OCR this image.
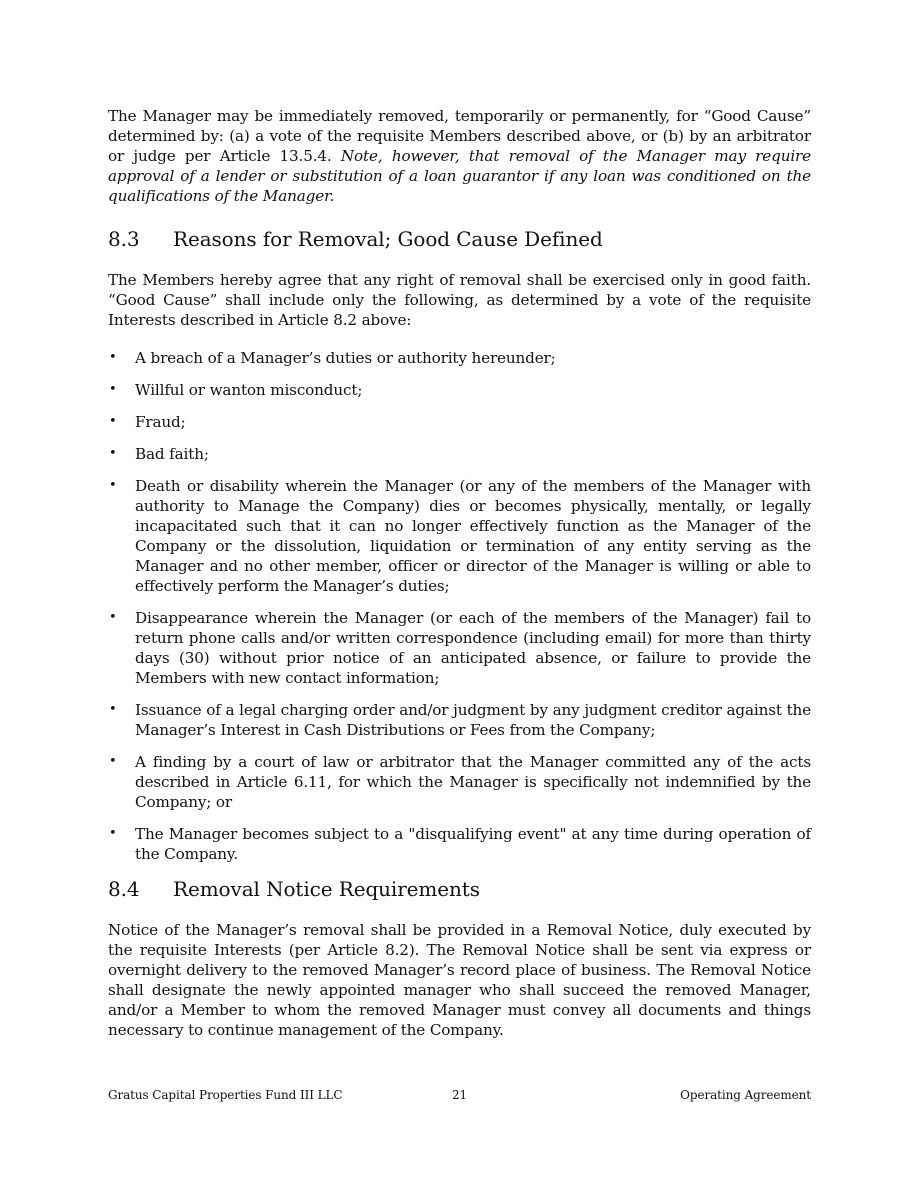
The Manager may be immediately removed, temporarily or permanently, for “Good Cause” determined by: (a) a vote of the requisite Members described above, or (b) by an arbitrator or judge per Article 13.5.4. Note, however, that removal of the Manager may require approval of a lender or substitution of a loan guarantor if any loan was conditioned on the qualifications of the Manager.

8.3	Reasons for Removal; Good Cause Defined

The Members hereby agree that any right of removal shall be exercised only in good faith. “Good Cause” shall include only the following, as determined by a vote of the requisite Interests described in Article 8.2 above:

• A breach of a Manager’s duties or authority hereunder;
• Willful or wanton misconduct;
• Fraud;
• Bad faith;
• Death or disability wherein the Manager (or any of the members of the Manager with authority to Manage the Company) dies or becomes physically, mentally, or legally incapacitated such that it can no longer effectively function as the Manager of the Company or the dissolution, liquidation or termination of any entity serving as the Manager and no other member, officer or director of the Manager is willing or able to effectively perform the Manager’s duties;
• Disappearance wherein the Manager (or each of the members of the Manager) fail to return phone calls and/or written correspondence (including email) for more than thirty days (30) without prior notice of an anticipated absence, or failure to provide the Members with new contact information;
• Issuance of a legal charging order and/or judgment by any judgment creditor against the Manager’s Interest in Cash Distributions or Fees from the Company;
• A finding by a court of law or arbitrator that the Manager committed any of the acts described in Article 6.11, for which the Manager is specifically not indemnified by the Company; or
• The Manager becomes subject to a "disqualifying event" at any time during operation of the Company.
8.4	Removal Notice Requirements

Notice of the Manager’s removal shall be provided in a Removal Notice, duly executed by the requisite Interests (per Article 8.2). The Removal Notice shall be sent via express or overnight delivery to the removed Manager’s record place of business. The Removal Notice shall designate the newly appointed manager who shall succeed the removed Manager, and/or a Member to whom the removed Manager must convey all documents and things necessary to continue management of the Company.

Gratus Capital Properties Fund III LLC	21	Operating Agreement
